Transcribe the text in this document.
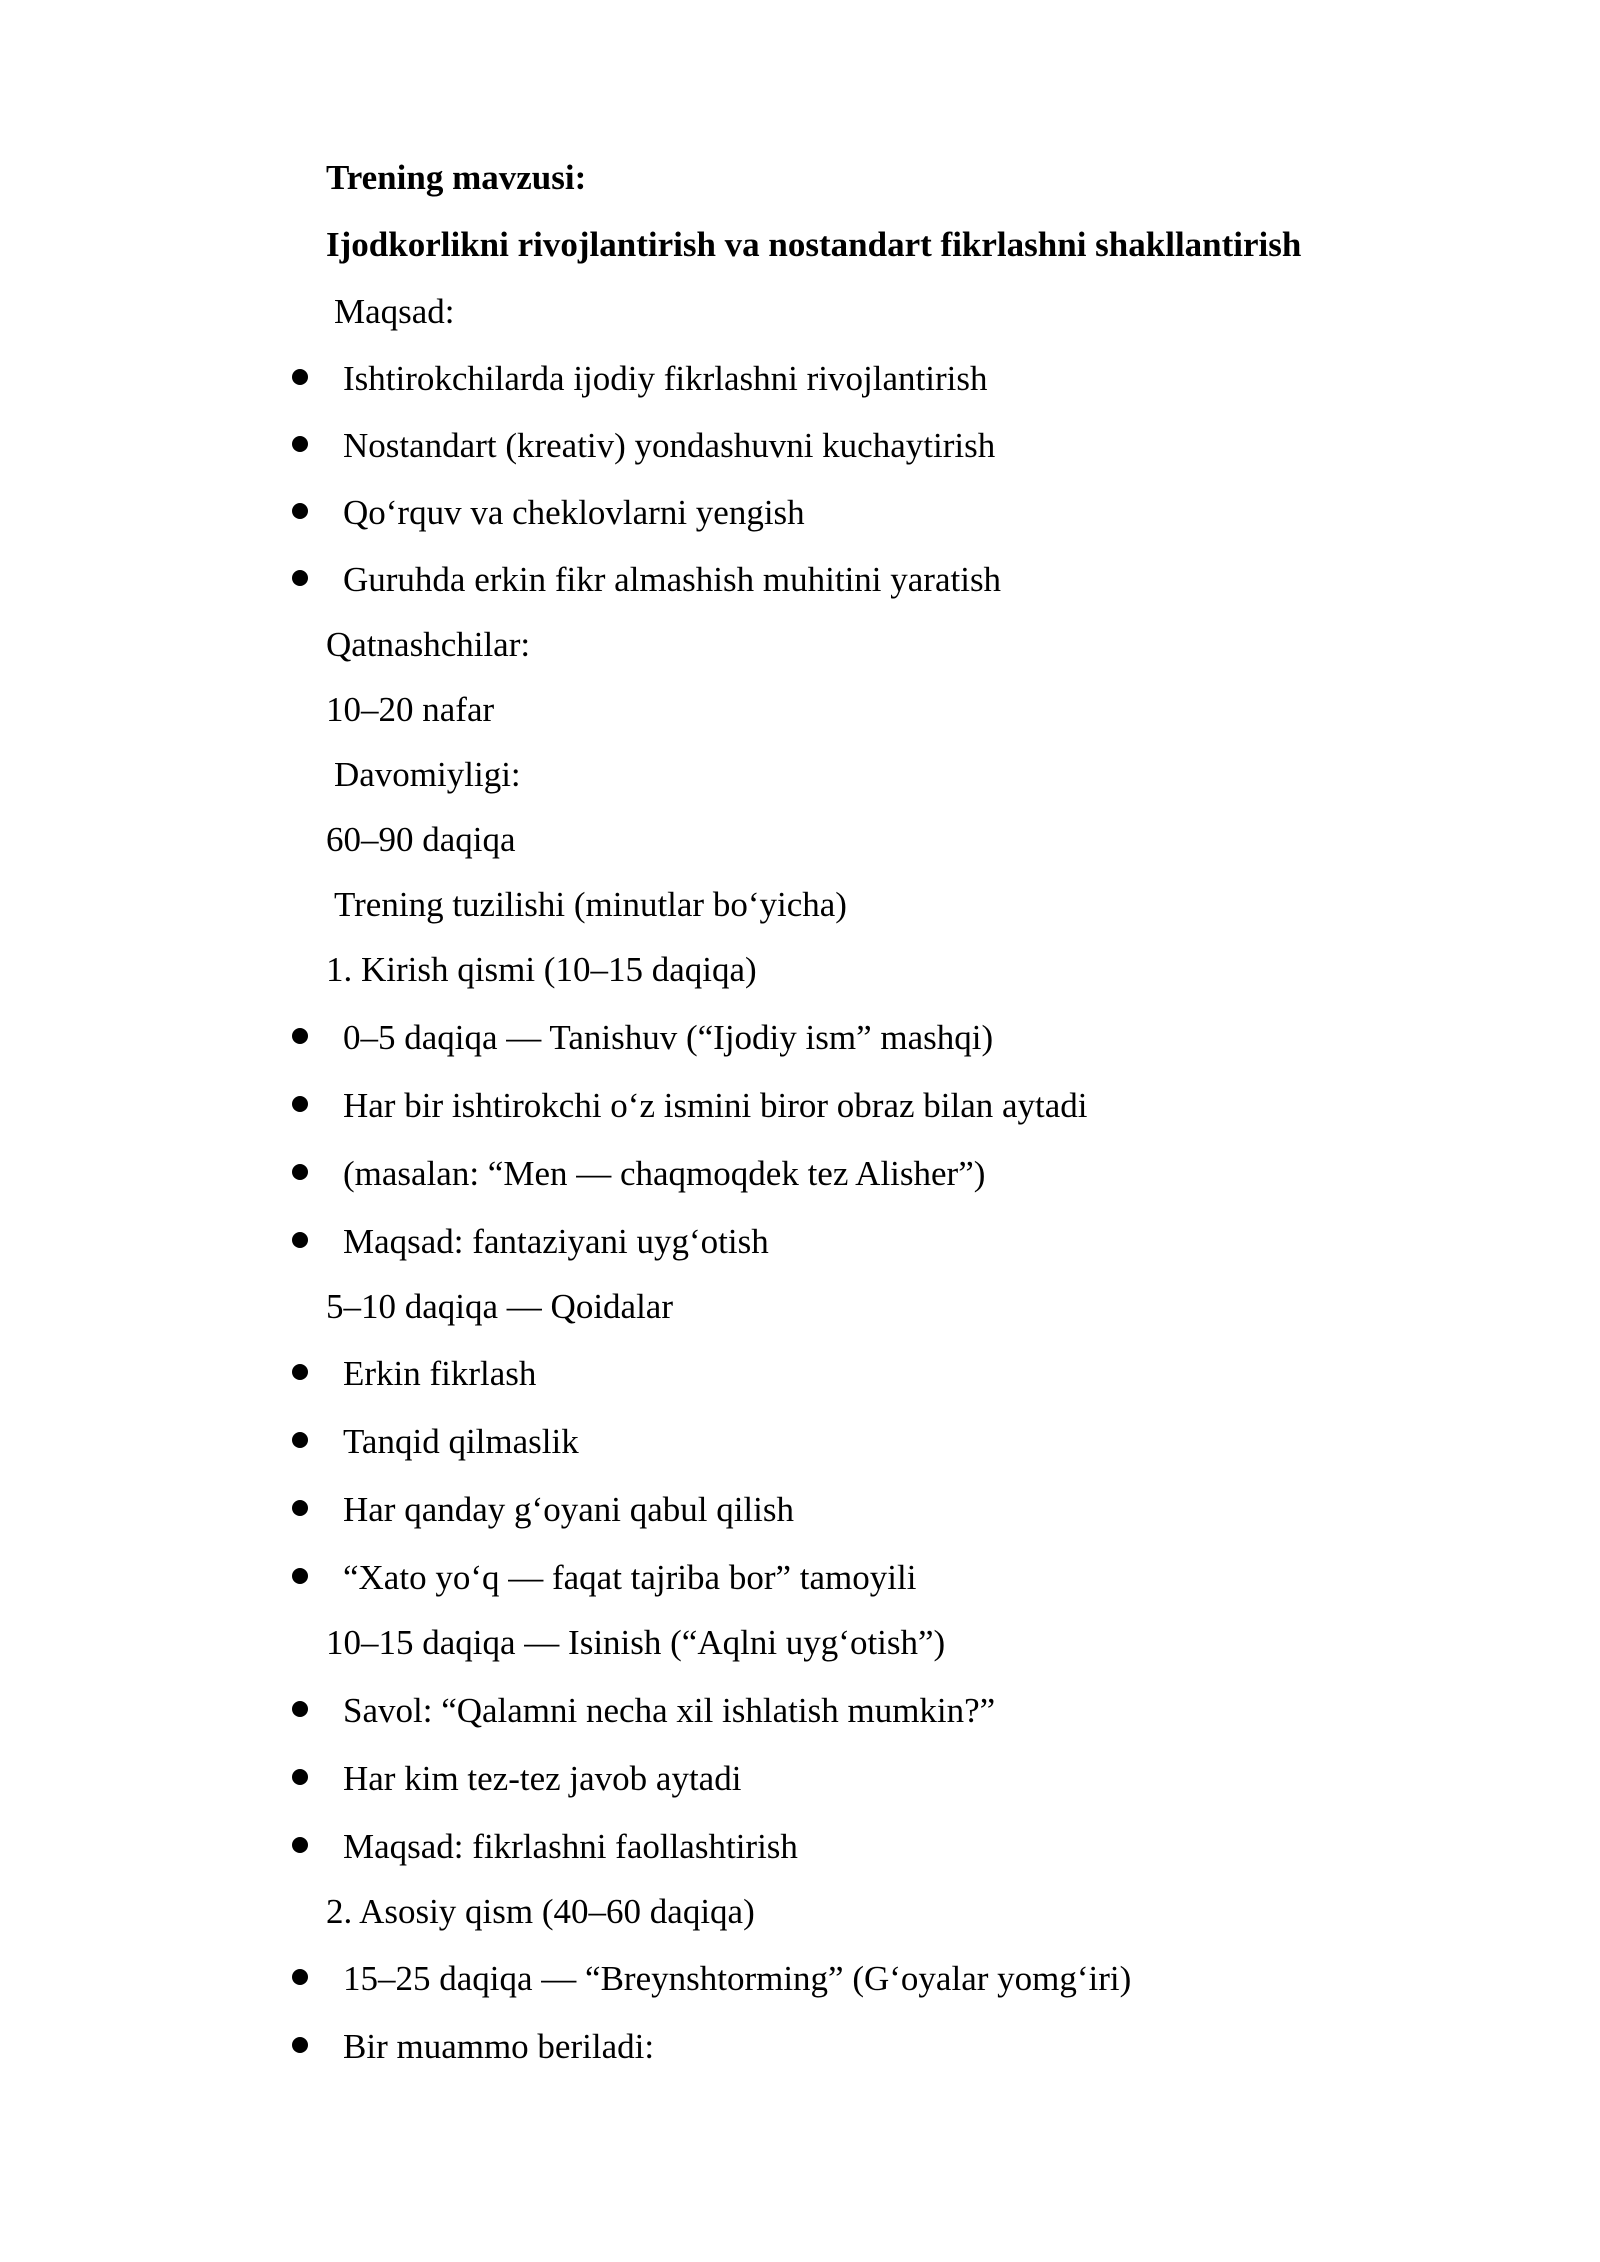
Trening mavzusi:
Ijodkorlikni rivojlantirish va nostandart fikrlashni shakllantirish
Maqsad:
Ishtirokchilarda ijodiy fikrlashni rivojlantirish
Nostandart (kreativ) yondashuvni kuchaytirish
Qo‘rquv va cheklovlarni yengish
Guruhda erkin fikr almashish muhitini yaratish
Qatnashchilar:
10–20 nafar
Davomiyligi:
60–90 daqiqa
Trening tuzilishi (minutlar bo‘yicha)
1. Kirish qismi (10–15 daqiqa)
0–5 daqiqa — Tanishuv (“Ijodiy ism” mashqi)
Har bir ishtirokchi o‘z ismini biror obraz bilan aytadi
(masalan: “Men — chaqmoqdek tez Alisher”)
Maqsad: fantaziyani uyg‘otish
5–10 daqiqa — Qoidalar
Erkin fikrlash
Tanqid qilmaslik
Har qanday g‘oyani qabul qilish
“Xato yo‘q — faqat tajriba bor” tamoyili
10–15 daqiqa — Isinish (“Aqlni uyg‘otish”)
Savol: “Qalamni necha xil ishlatish mumkin?”
Har kim tez-tez javob aytadi
Maqsad: fikrlashni faollashtirish
2. Asosiy qism (40–60 daqiqa)
15–25 daqiqa — “Breynshtorming” (G‘oyalar yomg‘iri)
Bir muammo beriladi:
